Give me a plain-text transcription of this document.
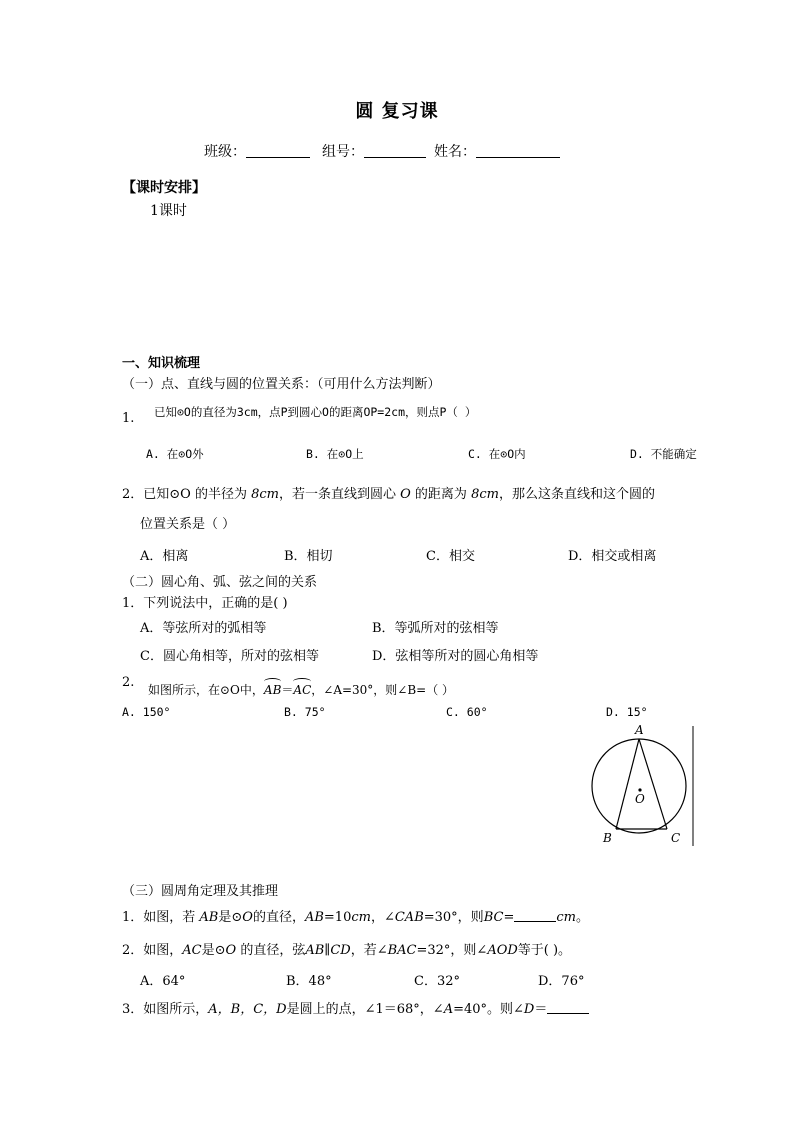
圆 复习课
班级：	组号：	姓名：
【课时安排】
1课时
一、知识梳理
（一）点、直线与圆的位置关系：（可用什么方法判断）
1. 已知⊙O的直径为3cm，点P到圆心O的距离OP=2cm，则点P（ ）
A. 在⊙O外	B. 在⊙O上	C. 在⊙O内	D. 不能确定
2．已知⊙O 的半径为 8cm，若一条直线到圆心 O 的距离为 8cm，那么这条直线和这个圆的
位置关系是（ ）
A．相离	B．相切	C．相交	D．相交或相离
（二）圆心角、弧、弦之间的关系
1．下列说法中，正确的是( )
A．等弦所对的弧相等	B．等弧所对的弦相等
C．圆心角相等，所对的弦相等	D．弦相等所对的圆心角相等
2. 如图所示，在⊙O中，AB＝AC，∠A=30°，则∠B=（ ）
A. 150°	B. 75°	C. 60°	D. 15°
A
O
B	C
（三）圆周角定理及其推理
1．如图，若 AB是⊙O的直径，AB=10cm，∠CAB=30°，则BC=	cm。
2．如图，AC是⊙O 的直径，弦AB∥CD，若∠BAC=32°，则∠AOD等于( )。
A．64°	B．48°	C．32°	D．76°
3．如图所示，A，B，C，D是圆上的点，∠1＝68°，∠A=40°。则∠D＝
